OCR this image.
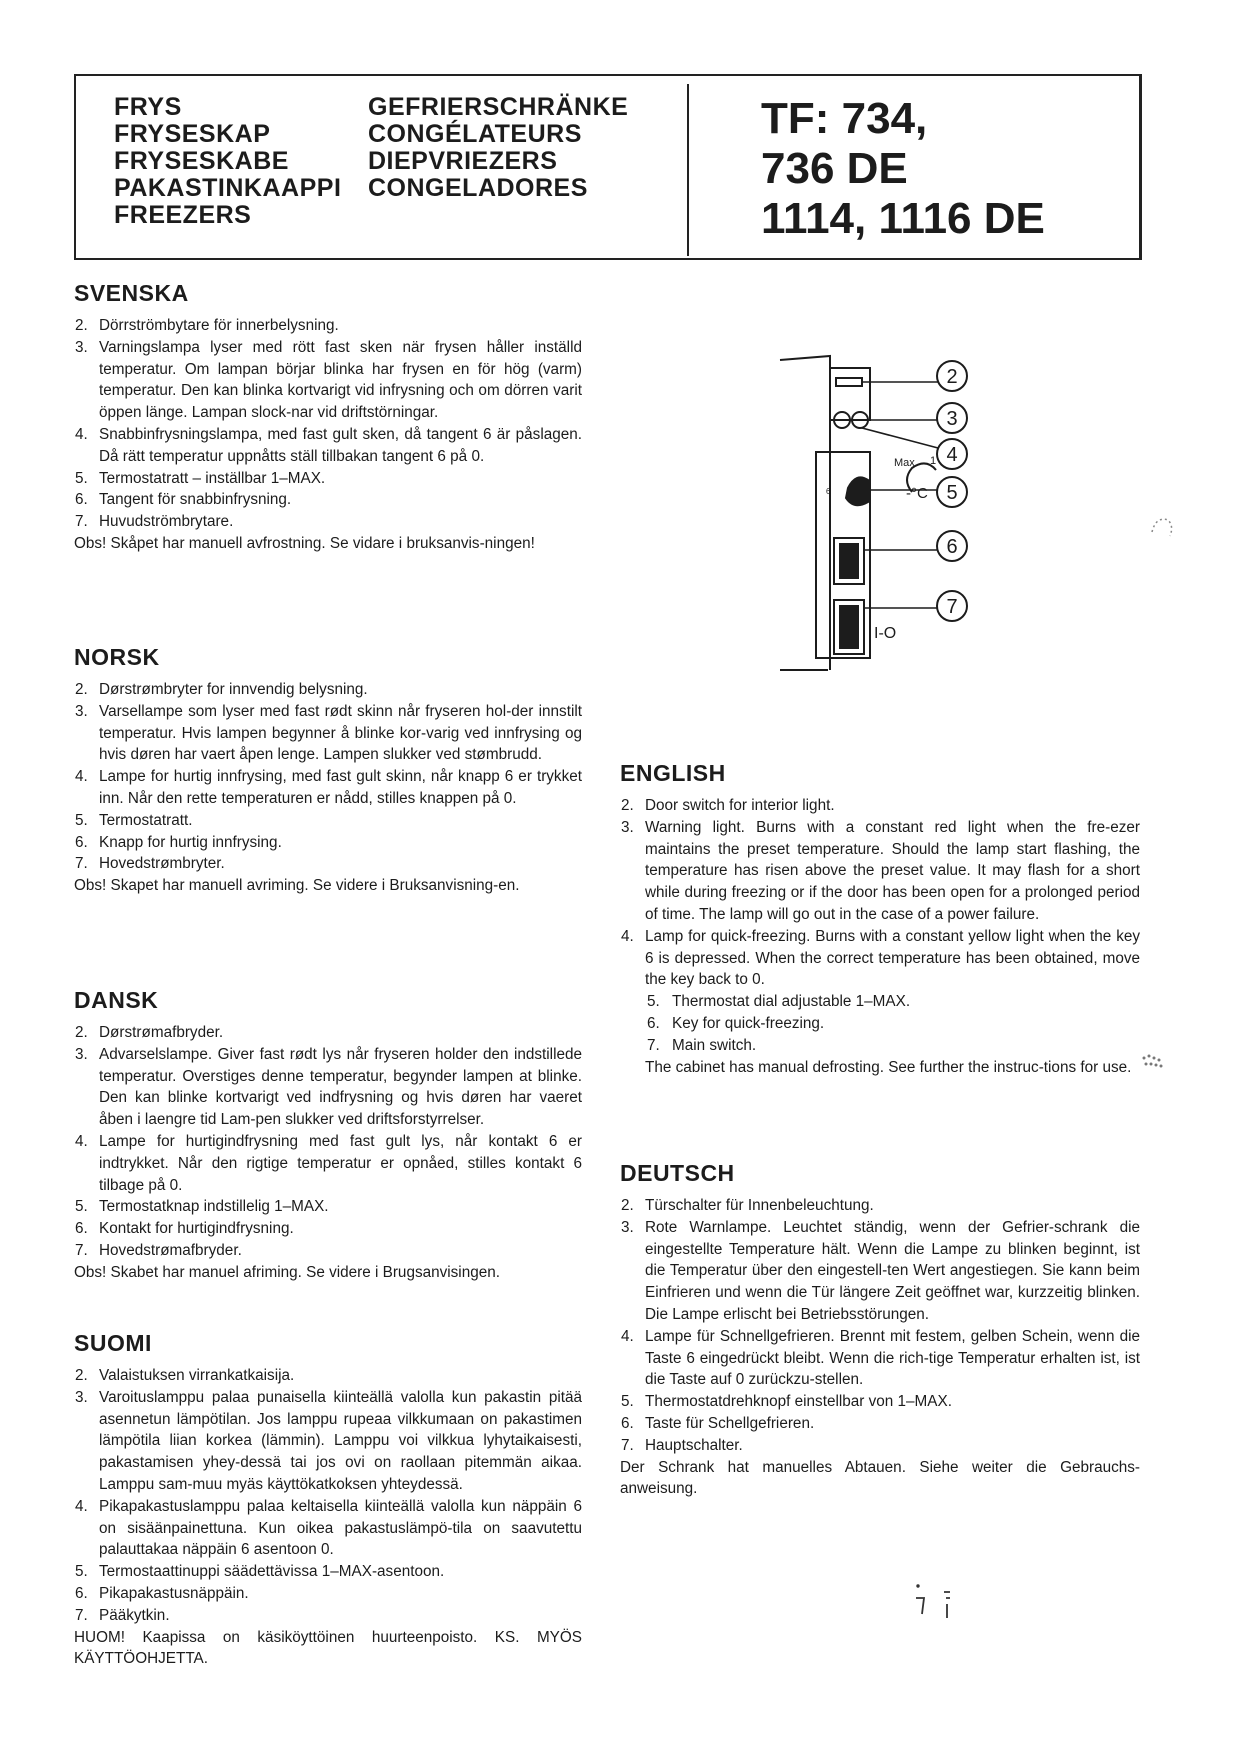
FRYS
FRYSESKAP
FRYSESKABE
PAKASTINKAAPPI
FREEZERS
GEFRIERSCHRÄNKE
CONGÉLATEURS
DIEPVRIEZERS
CONGELADORES
TF: 734,
736 DE
1114, 1116 DE
SVENSKA
2. Dörrströmbytare för innerbelysning.
3. Varningslampa lyser med rött fast sken när frysen håller inställd temperatur. Om lampan börjar blinka har frysen en för hög (varm) temperatur. Den kan blinka kortvarigt vid infrysning och om dörren varit öppen länge. Lampan slock-nar vid driftstörningar.
4. Snabbinfrysningslampa, med fast gult sken, då tangent 6 är påslagen. Då rätt temperatur uppnåtts ställ tillbakan tangent 6 på 0.
5. Termostatratt – inställbar 1–MAX.
6. Tangent för snabbinfrysning.
7. Huvudströmbrytare.

Obs! Skåpet har manuell avfrostning. Se vidare i bruksanvis-ningen!

NORSK
2. Dørstrømbryter for innvendig belysning.
3. Varsellampe som lyser med fast rødt skinn når fryseren hol-der innstilt temperatur. Hvis lampen begynner å blinke kor-varig ved innfrysing og hvis døren har vaert åpen lenge. Lampen slukker ved stømbrudd.
4. Lampe for hurtig innfrysing, med fast gult skinn, når knapp 6 er trykket inn. Når den rette temperaturen er nådd, stilles knappen på 0.
5. Termostatratt.
6. Knapp for hurtig innfrysing.
7. Hovedstrømbryter.

Obs! Skapet har manuell avriming. Se videre i Bruksanvisning-en.

DANSK
2. Dørstrømafbryder.
3. Advarselslampe. Giver fast rødt lys når fryseren holder den indstillede temperatur. Overstiges denne temperatur, begynder lampen at blinke. Den kan blinke kortvarigt ved indfrysning og hvis døren har vaeret åben i laengre tid Lam-pen slukker ved driftsforstyrrelser.
4. Lampe for hurtigindfrysning med fast gult lys, når kontakt 6 er indtrykket. Når den rigtige temperatur er opnåed, stilles kontakt 6 tilbage på 0.
5. Termostatknap indstillelig 1–MAX.
6. Kontakt for hurtigindfrysning.
7. Hovedstrømafbryder.

Obs! Skabet har manuel afriming. Se videre i Brugsanvisingen.

SUOMI
2. Valaistuksen virrankatkaisija.
3. Varoituslamppu palaa punaisella kiinteällä valolla kun pakastin pitää asennetun lämpötilan. Jos lamppu rupeaa vilkkumaan on pakastimen lämpötila liian korkea (lämmin). Lamppu voi vilkkua lyhytaikaisesti, pakastamisen yhey-dessä tai jos ovi on raollaan pitemmän aikaa. Lamppu sam-muu myäs käyttökatkoksen yhteydessä.
4. Pikapakastuslamppu palaa keltaisella kiinteällä valolla kun näppäin 6 on sisäänpainettuna. Kun oikea pakastuslämpö-tila on saavutettu palauttakaa näppäin 6 asentoon 0.
5. Termostaattinuppi säädettävissa 1–MAX-asentoon.
6. Pikapakastusnäppäin.
7. Pääkytkin.

HUOM! Kaapissa on käsiköyttöinen huurteenpoisto. KS. MYÖS KÄYTTÖOHJETTA.

2
3
4
5
6
7
Max 1
-°C
6
I-O
ENGLISH
2. Door switch for interior light.
3. Warning light. Burns with a constant red light when the fre-ezer maintains the preset temperature. Should the lamp start flashing, the temperature has risen above the preset value. It may flash for a short while during freezing or if the door has been open for a prolonged period of time. The lamp will go out in the case of a power failure.
4. Lamp for quick-freezing. Burns with a constant yellow light when the key 6 is depressed. When the correct temperature has been obtained, move the key back to 0.
5. Thermostat dial adjustable 1–MAX.
6. Key for quick-freezing.
7. Main switch.

The cabinet has manual defrosting. See further the instruc-tions for use.

DEUTSCH
2. Türschalter für Innenbeleuchtung.
3. Rote Warnlampe. Leuchtet ständig, wenn der Gefrier-schrank die eingestellte Temperature hält. Wenn die Lampe zu blinken beginnt, ist die Temperatur über den eingestell-ten Wert angestiegen. Sie kann beim Einfrieren und wenn die Tür längere Zeit geöffnet war, kurzzeitig blinken. Die Lampe erlischt bei Betriebsstörungen.
4. Lampe für Schnellgefrieren. Brennt mit festem, gelben Schein, wenn die Taste 6 eingedrückt bleibt. Wenn die rich-tige Temperatur erhalten ist, ist die Taste auf 0 zurückzu-stellen.
5. Thermostatdrehknopf einstellbar von 1–MAX.
6. Taste für Schellgefrieren.
7. Hauptschalter.

Der Schrank hat manuelles Abtauen. Siehe weiter die Gebrauchs-anweisung.
